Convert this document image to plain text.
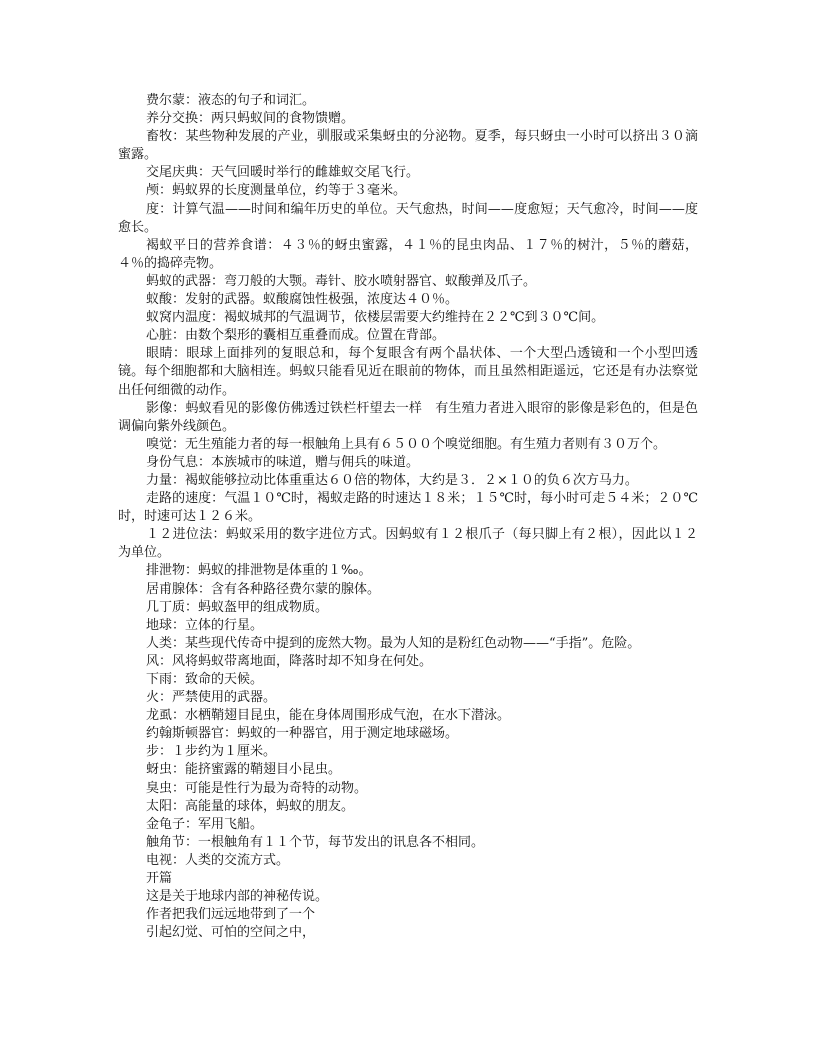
费尔蒙：液态的句子和词汇。

养分交换：两只蚂蚁间的食物馈赠。

畜牧：某些物种发展的产业，驯服或采集蚜虫的分泌物。夏季，每只蚜虫一小时可以挤出３０滴蜜露。

交尾庆典：天气回暖时举行的雌雄蚁交尾飞行。

颅：蚂蚁界的长度测量单位，约等于３毫米。

度：计算气温——时间和编年历史的单位。天气愈热，时间——度愈短；天气愈冷，时间——度愈长。

褐蚁平日的营养食谱：４３％的蚜虫蜜露，４１％的昆虫肉品、１７％的树汁，５％的蘑菇，４％的捣碎壳物。

蚂蚁的武器：弯刀般的大颚。毒针、胶水喷射器官、蚁酸弹及爪子。

蚁酸：发射的武器。蚁酸腐蚀性极强，浓度达４０％。

蚁窝内温度：褐蚁城邦的气温调节，依楼层需要大约维持在２２℃到３０℃间。

心脏：由数个梨形的囊相互重叠而成。位置在背部。

眼睛：眼球上面排列的复眼总和，每个复眼含有两个晶状体、一个大型凸透镜和一个小型凹透镜。每个细胞都和大脑相连。蚂蚁只能看见近在眼前的物体，而且虽然相距遥远，它还是有办法察觉出任何细微的动作。

影像：蚂蚁看见的影像仿佛透过铁栏杆望去一样　有生殖力者进入眼帘的影像是彩色的，但是色调偏向紫外线颜色。

嗅觉：无生殖能力者的每一根触角上具有６５００个嗅觉细胞。有生殖力者则有３０万个。

身份气息：本族城市的味道，赠与佣兵的味道。

力量：褐蚁能够拉动比体重重达６０倍的物体，大约是３．２×１０的负６次方马力。

走路的速度：气温１０℃时，褐蚁走路的时速达１８米；１５℃时，每小时可走５４米；２０℃时，时速可达１２６米。

１２进位法：蚂蚁采用的数字进位方式。因蚂蚁有１２根爪子（每只脚上有２根），因此以１２为单位。

排泄物：蚂蚁的排泄物是体重的１‰。

居甫腺体：含有各种路径费尔蒙的腺体。

几丁质：蚂蚁盔甲的组成物质。

地球：立体的行星。

人类：某些现代传奇中提到的庞然大物。最为人知的是粉红色动物——“手指”。危险。

风：风将蚂蚁带离地面，降落时却不知身在何处。

下雨：致命的天候。

火：严禁使用的武器。

龙虱：水栖鞘翅目昆虫，能在身体周围形成气泡，在水下潜泳。

约翰斯顿器官：蚂蚁的一种器官，用于测定地球磁场。

步：１步约为１厘米。

蚜虫：能挤蜜露的鞘翅目小昆虫。

臭虫：可能是性行为最为奇特的动物。

太阳：高能量的球体，蚂蚁的朋友。

金龟子：军用飞船。

触角节：一根触角有１１个节，每节发出的讯息各不相同。

电视：人类的交流方式。

开篇

这是关于地球内部的神秘传说。

作者把我们远远地带到了一个

引起幻觉、可怕的空间之中，
